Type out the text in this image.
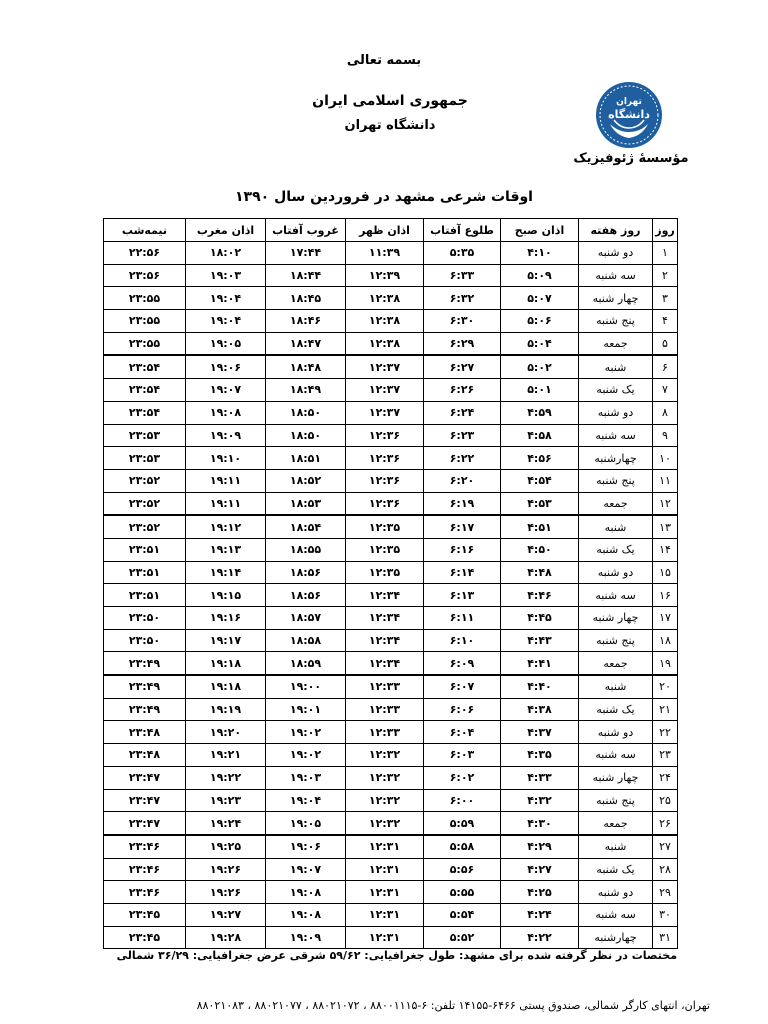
بسمه تعالی
جمهوری اسلامی ایران
دانشگاه تهران
تهران
دانشگاه
مؤسسهٔ ژئوفیزیک
اوقات شرعی مشهد در فروردین سال ۱۳۹۰
روز	روز هفته	اذان صبح	طلوع آفتاب	اذان ظهر	غروب آفتاب	اذان مغرب	نیمه‌شب
۱	دو شنبه	۴:۱۰	۵:۳۵	۱۱:۳۹	۱۷:۴۴	۱۸:۰۲	۲۲:۵۶
۲	سه شنبه	۵:۰۹	۶:۳۳	۱۲:۳۹	۱۸:۴۴	۱۹:۰۳	۲۳:۵۶
۳	چهار شنبه	۵:۰۷	۶:۳۲	۱۲:۳۸	۱۸:۴۵	۱۹:۰۴	۲۳:۵۵
۴	پنج شنبه	۵:۰۶	۶:۳۰	۱۲:۳۸	۱۸:۴۶	۱۹:۰۴	۲۳:۵۵
۵	جمعه	۵:۰۴	۶:۲۹	۱۲:۳۸	۱۸:۴۷	۱۹:۰۵	۲۳:۵۵
۶	شنبه	۵:۰۲	۶:۲۷	۱۲:۳۷	۱۸:۴۸	۱۹:۰۶	۲۳:۵۴
۷	یک شنبه	۵:۰۱	۶:۲۶	۱۲:۳۷	۱۸:۴۹	۱۹:۰۷	۲۳:۵۴
۸	دو شنبه	۴:۵۹	۶:۲۴	۱۲:۳۷	۱۸:۵۰	۱۹:۰۸	۲۳:۵۴
۹	سه شنبه	۴:۵۸	۶:۲۳	۱۲:۳۶	۱۸:۵۰	۱۹:۰۹	۲۳:۵۳
۱۰	چهارشنبه	۴:۵۶	۶:۲۲	۱۲:۳۶	۱۸:۵۱	۱۹:۱۰	۲۳:۵۳
۱۱	پنج شنبه	۴:۵۴	۶:۲۰	۱۲:۳۶	۱۸:۵۲	۱۹:۱۱	۲۳:۵۲
۱۲	جمعه	۴:۵۳	۶:۱۹	۱۲:۳۶	۱۸:۵۳	۱۹:۱۱	۲۳:۵۲
۱۳	شنبه	۴:۵۱	۶:۱۷	۱۲:۳۵	۱۸:۵۴	۱۹:۱۲	۲۳:۵۲
۱۴	یک شنبه	۴:۵۰	۶:۱۶	۱۲:۳۵	۱۸:۵۵	۱۹:۱۳	۲۳:۵۱
۱۵	دو شنبه	۴:۴۸	۶:۱۴	۱۲:۳۵	۱۸:۵۶	۱۹:۱۴	۲۳:۵۱
۱۶	سه شنبه	۴:۴۶	۶:۱۳	۱۲:۳۴	۱۸:۵۶	۱۹:۱۵	۲۳:۵۱
۱۷	چهار شنبه	۴:۴۵	۶:۱۱	۱۲:۳۴	۱۸:۵۷	۱۹:۱۶	۲۳:۵۰
۱۸	پنج شنبه	۴:۴۳	۶:۱۰	۱۲:۳۴	۱۸:۵۸	۱۹:۱۷	۲۳:۵۰
۱۹	جمعه	۴:۴۱	۶:۰۹	۱۲:۳۴	۱۸:۵۹	۱۹:۱۸	۲۳:۴۹
۲۰	شنبه	۴:۴۰	۶:۰۷	۱۲:۳۳	۱۹:۰۰	۱۹:۱۸	۲۳:۴۹
۲۱	یک شنبه	۴:۳۸	۶:۰۶	۱۲:۳۳	۱۹:۰۱	۱۹:۱۹	۲۳:۴۹
۲۲	دو شنبه	۴:۳۷	۶:۰۴	۱۲:۳۳	۱۹:۰۲	۱۹:۲۰	۲۳:۴۸
۲۳	سه شنبه	۴:۳۵	۶:۰۳	۱۲:۳۲	۱۹:۰۲	۱۹:۲۱	۲۳:۴۸
۲۴	چهار شنبه	۴:۳۳	۶:۰۲	۱۲:۳۲	۱۹:۰۳	۱۹:۲۲	۲۳:۴۷
۲۵	پنج شنبه	۴:۳۲	۶:۰۰	۱۲:۳۲	۱۹:۰۴	۱۹:۲۳	۲۳:۴۷
۲۶	جمعه	۴:۳۰	۵:۵۹	۱۲:۳۲	۱۹:۰۵	۱۹:۲۴	۲۳:۴۷
۲۷	شنبه	۴:۲۹	۵:۵۸	۱۲:۳۱	۱۹:۰۶	۱۹:۲۵	۲۳:۴۶
۲۸	یک شنبه	۴:۲۷	۵:۵۶	۱۲:۳۱	۱۹:۰۷	۱۹:۲۶	۲۳:۴۶
۲۹	دو شنبه	۴:۲۵	۵:۵۵	۱۲:۳۱	۱۹:۰۸	۱۹:۲۶	۲۳:۴۶
۳۰	سه شنبه	۴:۲۴	۵:۵۴	۱۲:۳۱	۱۹:۰۸	۱۹:۲۷	۲۳:۴۵
۳۱	چهارشنبه	۴:۲۲	۵:۵۲	۱۲:۳۱	۱۹:۰۹	۱۹:۲۸	۲۳:۴۵
مختصات در نظر گرفته شده برای مشهد: طول جغرافیایی: ۵۹/۶۲ شرقی عرض جغرافیایی: ۳۶/۲۹ شمالی
تهران، انتهای کارگر شمالی، صندوق پستی ۶۴۶۶-۱۴۱۵۵ تلفن: ۶-۸۸۰۰۱۱۱۵ ، ۸۸۰۲۱۰۷۲ ، ۸۸۰۲۱۰۷۷ ، ۸۸۰۲۱۰۸۳
